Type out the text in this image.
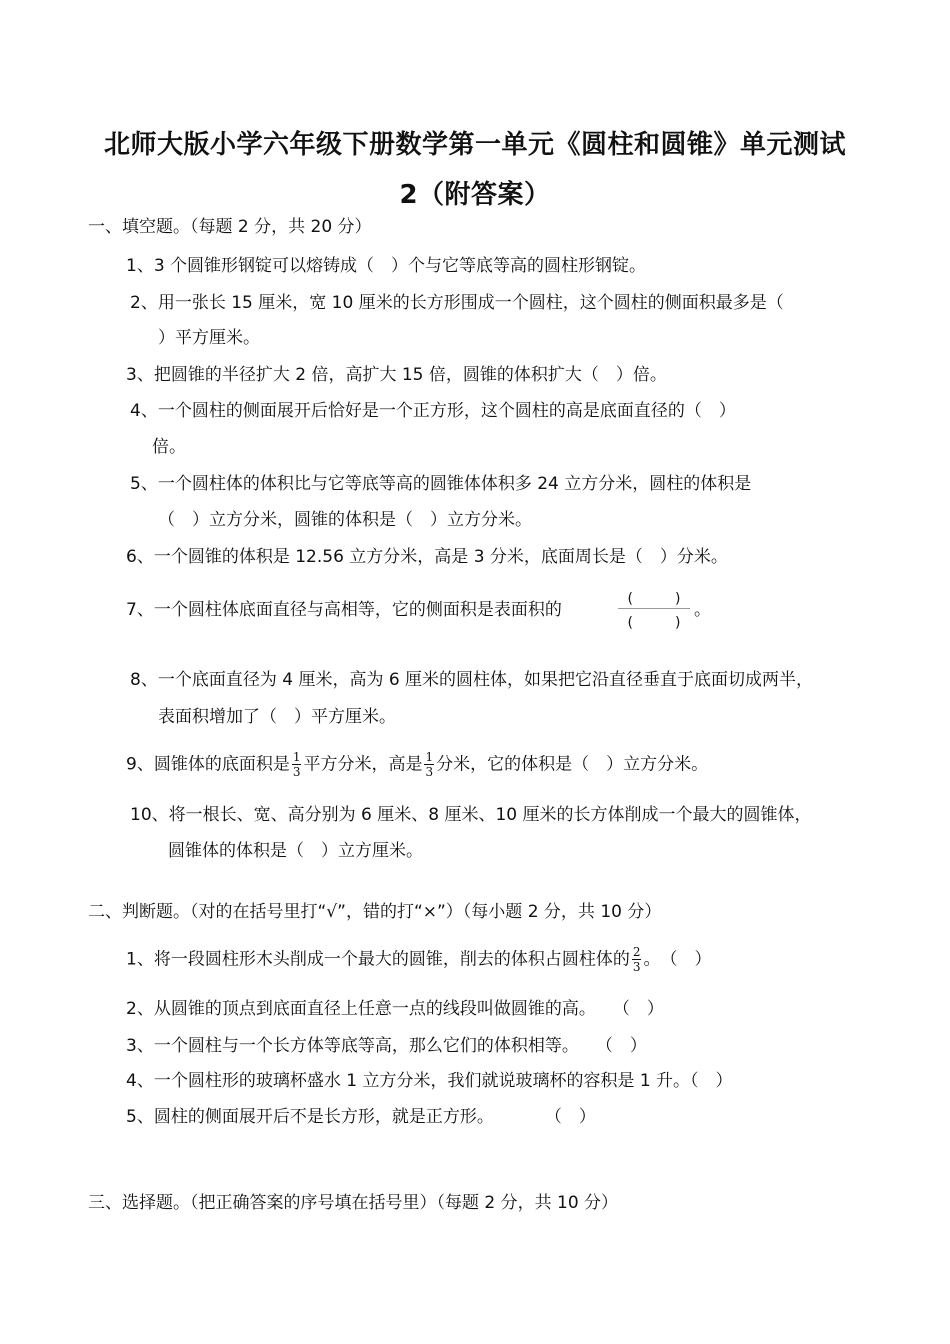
北师大版小学六年级下册数学第一单元《圆柱和圆锥》单元测试
2（附答案）
一、填空题。（每题 2 分，共 20 分）
1、3 个圆锥形钢锭可以熔铸成（　）个与它等底等高的圆柱形钢锭。
2、用一张长 15 厘米，宽 10 厘米的长方形围成一个圆柱，这个圆柱的侧面积最多是（
）平方厘米。
3、把圆锥的半径扩大 2 倍，高扩大 15 倍，圆锥的体积扩大（　）倍。
4、一个圆柱的侧面展开后恰好是一个正方形，这个圆柱的高是底面直径的（　）
倍。
5、一个圆柱体的体积比与它等底等高的圆锥体体积多 24 立方分米，圆柱的体积是
（　）立方分米，圆锥的体积是（　）立方分米。
6、一个圆锥的体积是 12.56 立方分米，高是 3 分米，底面周长是（　）分米。
7、一个圆柱体底面直径与高相等，它的侧面积是表面积的
(　　　)
(　　　)
。
8、一个底面直径为 4 厘米，高为 6 厘米的圆柱体，如果把它沿直径垂直于底面切成两半，
表面积增加了（　）平方厘米。
9、圆锥体的底面积是 $\frac{1}{3}$ 平方分米，高是 $\frac{1}{3}$ 分米，它的体积是（　）立方分米。
10、将一根长、宽、高分别为 6 厘米、8 厘米、10 厘米的长方体削成一个最大的圆锥体，
圆锥体的体积是（　）立方厘米。
二、判断题。（对的在括号里打“√”，错的打“×”）（每小题 2 分，共 10 分）
1、将一段圆柱形木头削成一个最大的圆锥，削去的体积占圆柱体的 $\frac{2}{3}$ 。　（　）
2、从圆锥的顶点到底面直径上任意一点的线段叫做圆锥的高。　　（　）
3、一个圆柱与一个长方体等底等高，那么它们的体积相等。　　（　）
4、一个圆柱形的玻璃杯盛水 1 立方分米，我们就说玻璃杯的容积是 1 升。（　）
5、圆柱的侧面展开后不是长方形，就是正方形。　　　　（　）
三、选择题。（把正确答案的序号填在括号里）（每题 2 分，共 10 分）
